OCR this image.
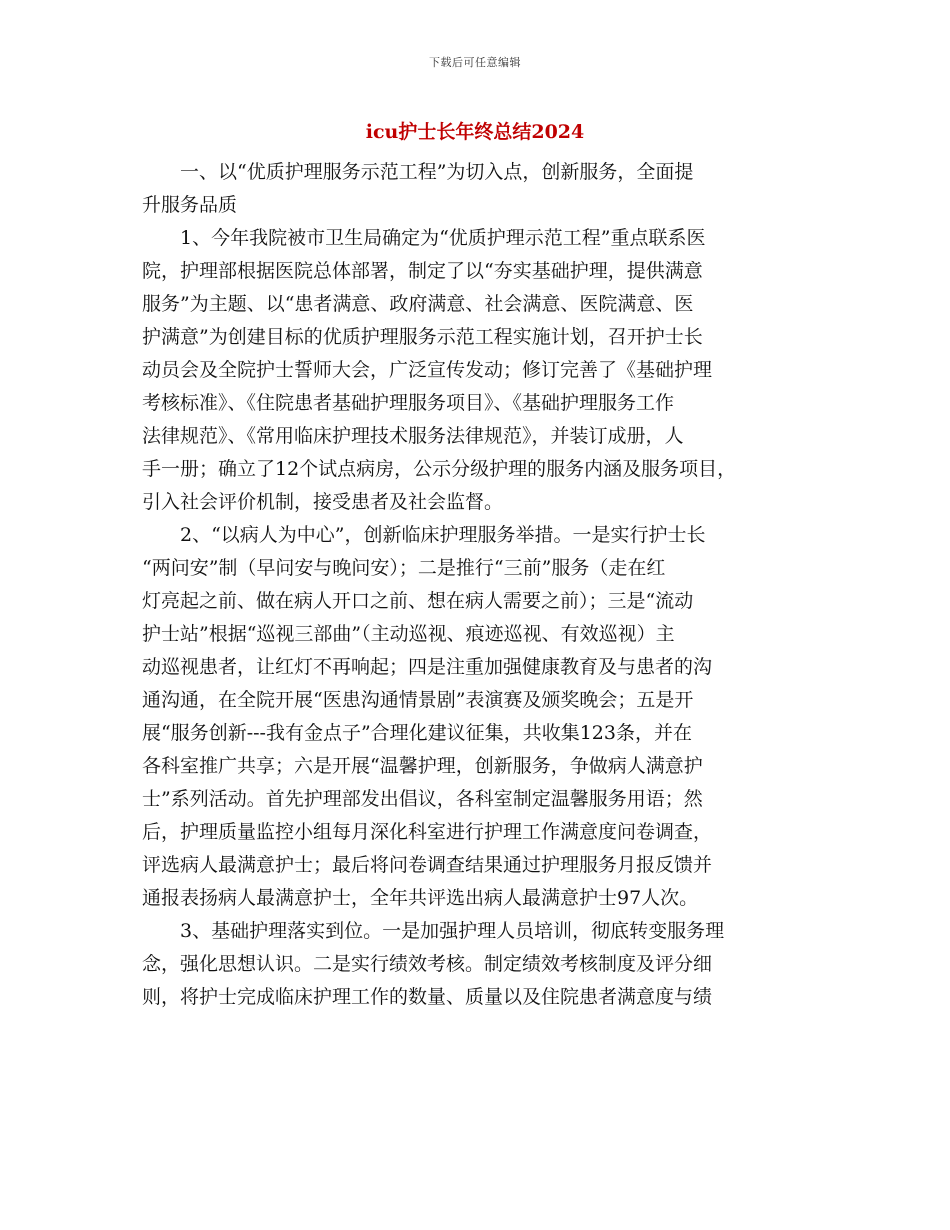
下载后可任意编辑
icu护士长年终总结2024
一、以“优质护理服务示范工程”为切入点，创新服务，全面提
升服务品质
1、今年我院被市卫生局确定为“优质护理示范工程”重点联系医
院，护理部根据医院总体部署，制定了以“夯实基础护理，提供满意
服务”为主题、以“患者满意、政府满意、社会满意、医院满意、医
护满意”为创建目标的优质护理服务示范工程实施计划，召开护士长
动员会及全院护士誓师大会，广泛宣传发动；修订完善了《基础护理
考核标准》、《住院患者基础护理服务项目》、《基础护理服务工作
法律规范》、《常用临床护理技术服务法律规范》，并装订成册，人
手一册；确立了12个试点病房，公示分级护理的服务内涵及服务项目，
引入社会评价机制，接受患者及社会监督。
2、“以病人为中心”，创新临床护理服务举措。一是实行护士长
“两问安”制（早问安与晚问安）；二是推行“三前”服务（走在红
灯亮起之前、做在病人开口之前、想在病人需要之前）；三是“流动
护士站”根据“巡视三部曲”（主动巡视、痕迹巡视、有效巡视）主
动巡视患者，让红灯不再响起；四是注重加强健康教育及与患者的沟
通沟通，在全院开展“医患沟通情景剧”表演赛及颁奖晚会；五是开
展“服务创新---我有金点子”合理化建议征集，共收集123条，并在
各科室推广共享；六是开展“温馨护理，创新服务，争做病人满意护
士”系列活动。首先护理部发出倡议，各科室制定温馨服务用语；然
后，护理质量监控小组每月深化科室进行护理工作满意度问卷调查，
评选病人最满意护士；最后将问卷调查结果通过护理服务月报反馈并
通报表扬病人最满意护士，全年共评选出病人最满意护士97人次。
3、基础护理落实到位。一是加强护理人员培训，彻底转变服务理
念，强化思想认识。二是实行绩效考核。制定绩效考核制度及评分细
则，将护士完成临床护理工作的数量、质量以及住院患者满意度与绩
